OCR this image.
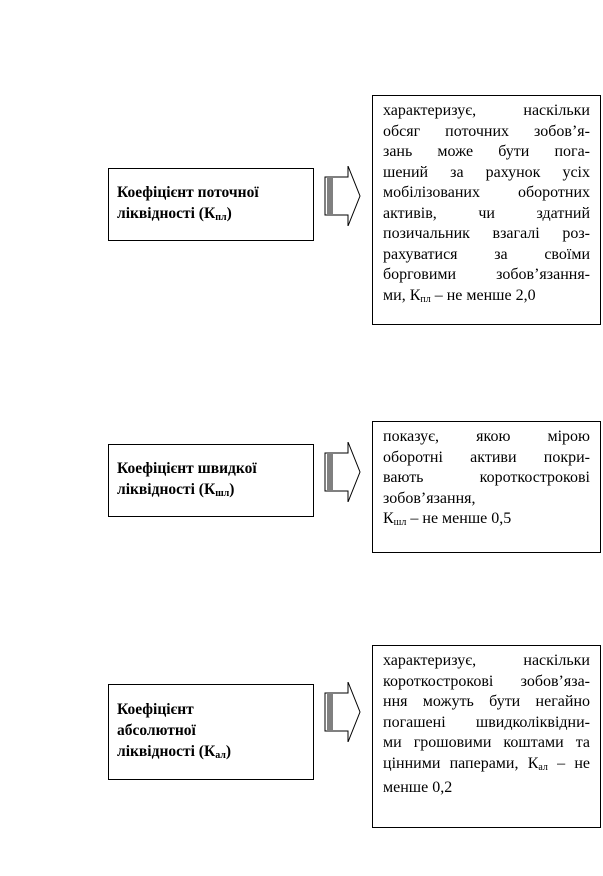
Коефіцієнт поточної
ліквідності $(К_{пл})$
характеризує, наскільки
обсяг поточних зобов’я-
зань може бути пога-
шений за рахунок усіх
мобілізованих оборотних
активів, чи здатний
позичальник взагалі роз-
рахуватися за своїми
борговими зобов’язання-
ми, $К_{пл}$ – не менше 2,0
Коефіцієнт швидкої
ліквідності $(К_{шл})$
показує, якою мірою
оборотні активи покри-
вають короткострокові
зобов’язання,
$К_{шл}$ – не менше 0,5
Коефіцієнт
абсолютної
ліквідності $(К_{ал})$
характеризує, наскільки
короткострокові зобов’яза-
ння можуть бути негайно
погашені швидколіквідни-
ми грошовими коштами та
цінними паперами, $К_{ал}$ – не
менше 0,2
